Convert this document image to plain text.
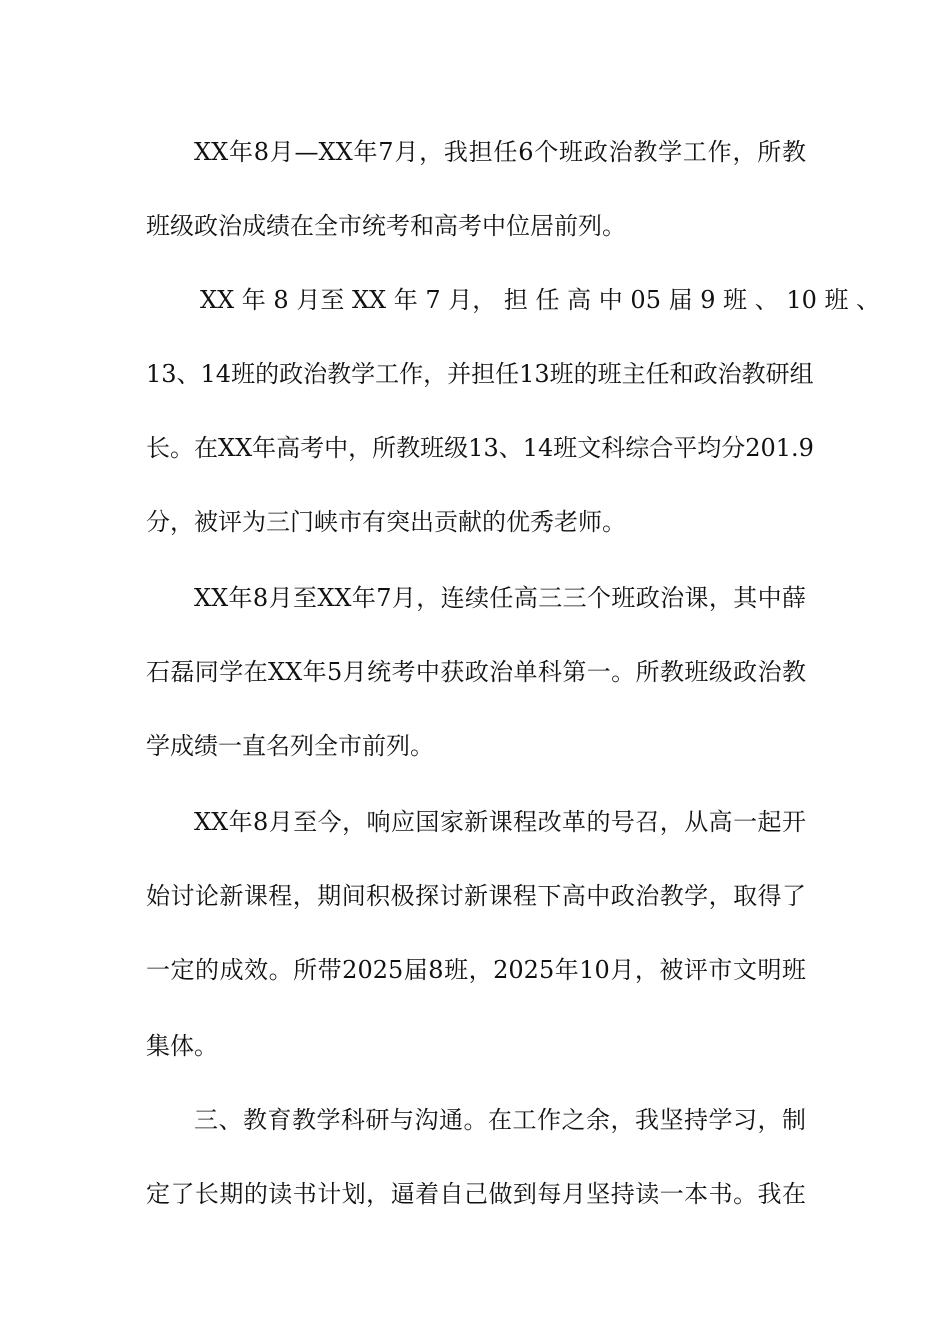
XX年8月—XX年7月，我担任6个班政治教学工作，所教
班级政治成绩在全市统考和高考中位居前列。
XX 年 8 月至 XX 年 7 月， 担 任 高 中 05 届 9 班 、 10 班 、
13、14班的政治教学工作，并担任13班的班主任和政治教研组
长。在XX年高考中，所教班级13、14班文科综合平均分201.9
分，被评为三门峡市有突出贡献的优秀老师。
XX年8月至XX年7月，连续任高三三个班政治课，其中薛
石磊同学在XX年5月统考中获政治单科第一。所教班级政治教
学成绩一直名列全市前列。
XX年8月至今，响应国家新课程改革的号召，从高一起开
始讨论新课程，期间积极探讨新课程下高中政治教学，取得了
一定的成效。所带2025届8班，2025年10月，被评市文明班
集体。
三、教育教学科研与沟通。在工作之余，我坚持学习，制
定了长期的读书计划，逼着自己做到每月坚持读一本书。我在
